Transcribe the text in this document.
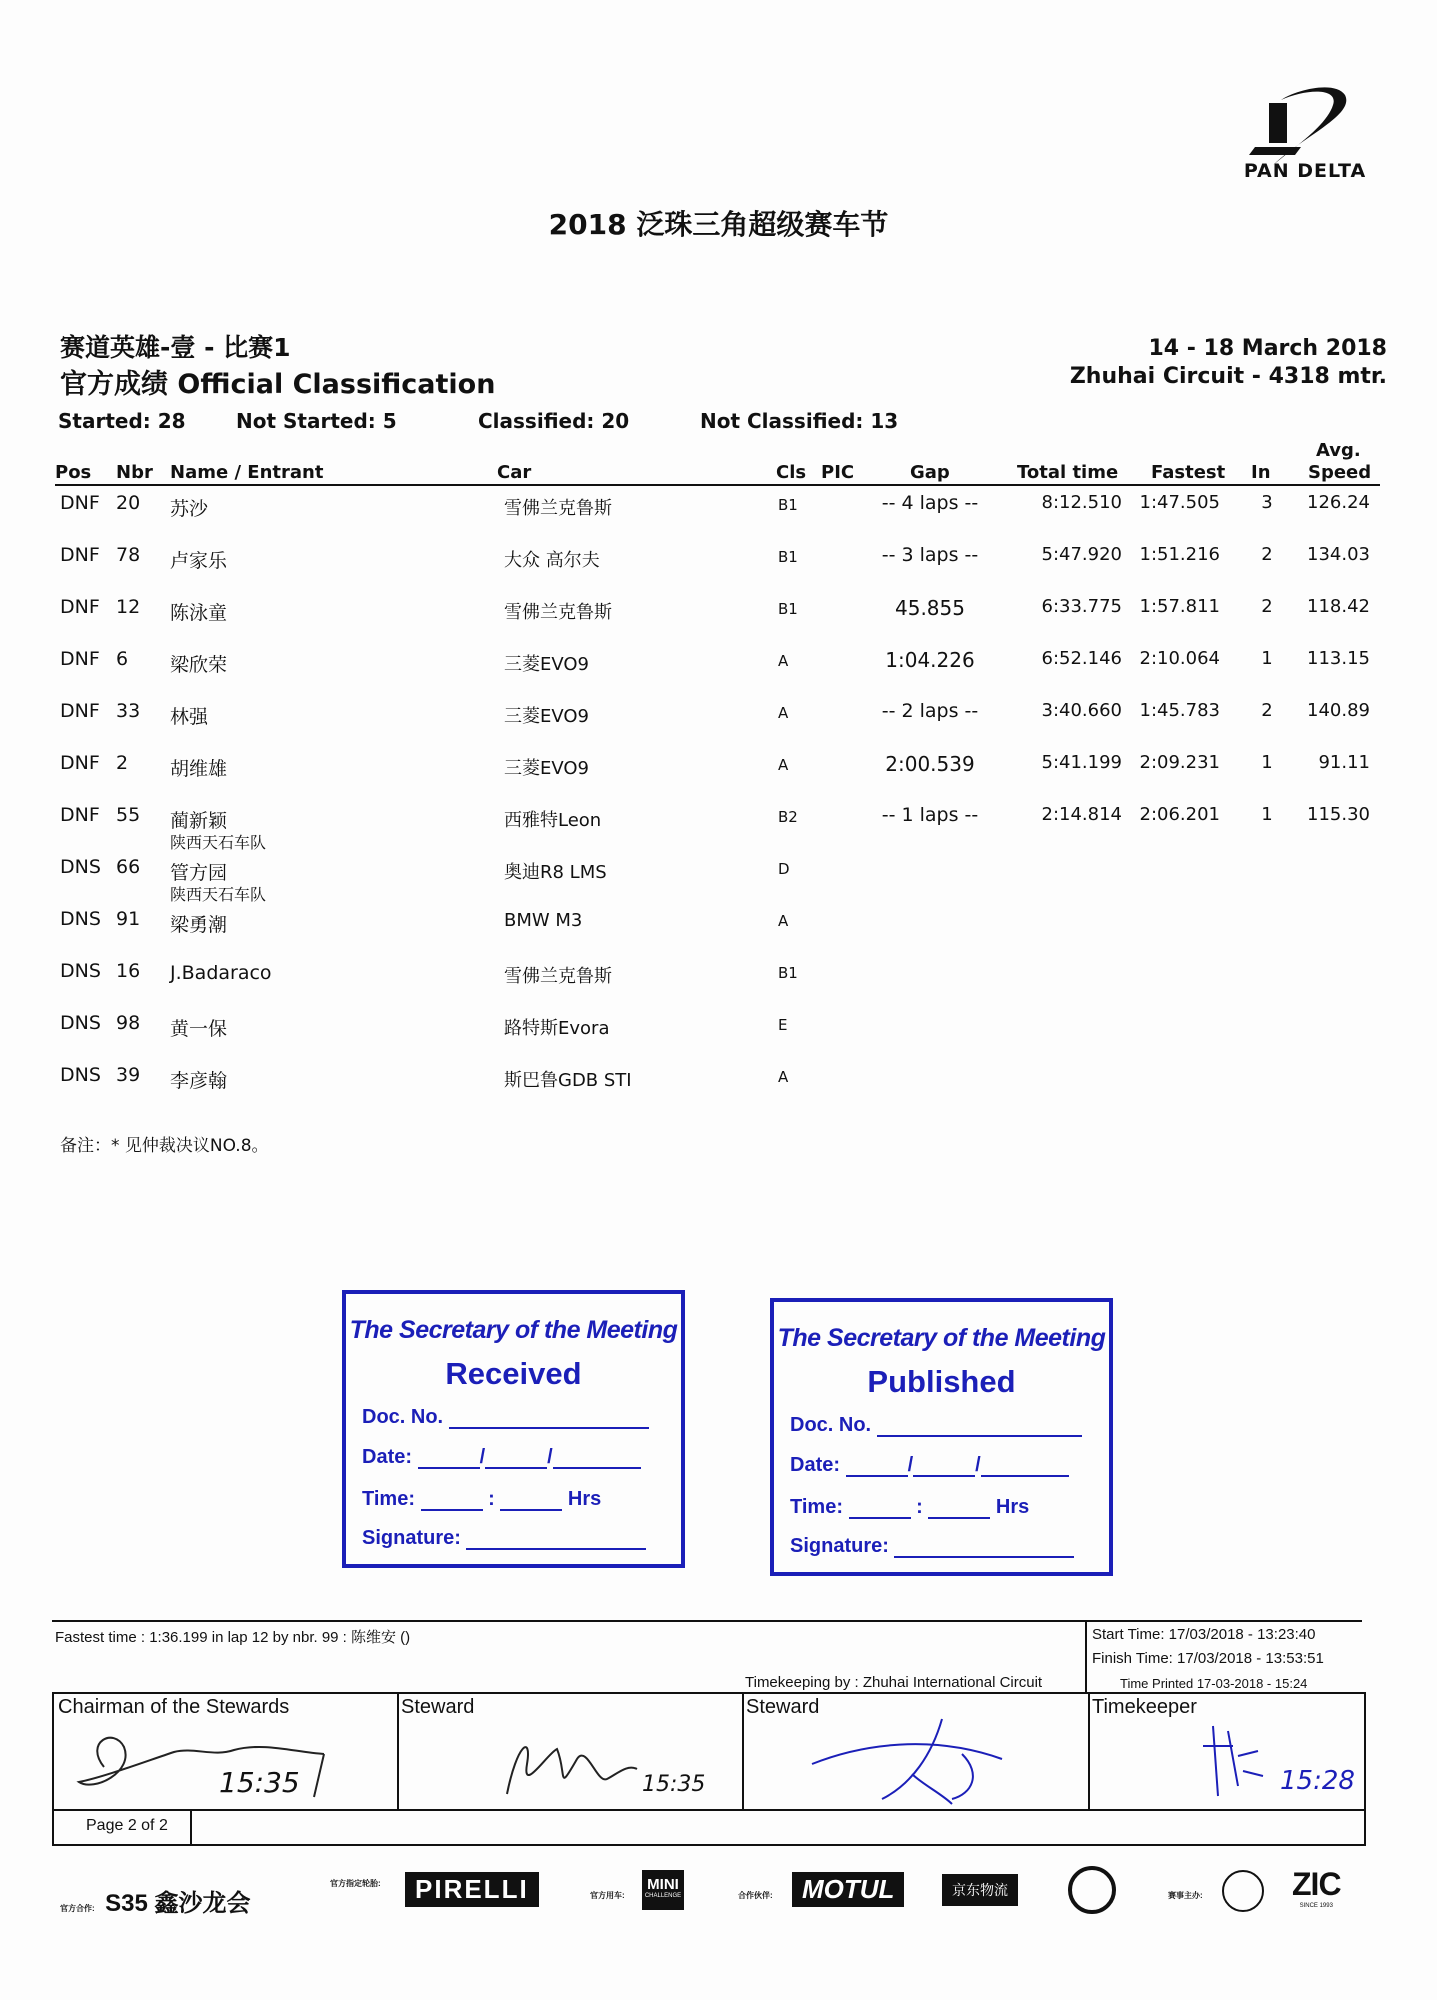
PAN DELTA
2018 泛珠三角超级赛车节
赛道英雄-壹 - 比赛1
官方成绩 Official Classification
14 - 18 March 2018
Zhuhai Circuit - 4318 mtr.
Started: 28	Not Started: 5	Classified: 20	Not Classified: 13
Pos Nbr Name / Entrant	Car	Cls PIC	Gap	Total time Fastest In
Avg.
Speed
DNF 20 苏沙	雪佛兰克鲁斯	B1	-- 4 laps --	8:12.510 1:47.505	3	126.24
DNF 78 卢家乐	大众 高尔夫	B1	-- 3 laps --	5:47.920 1:51.216	2	134.03
DNF 12 陈泳童	雪佛兰克鲁斯	B1	45.855	6:33.775 1:57.811	2	118.42
DNF 6 梁欣荣	三菱EVO9	A	1:04.226	6:52.146 2:10.064	1	113.15
DNF 33 林强	三菱EVO9	A	-- 2 laps --	3:40.660 1:45.783	2	140.89
DNF 2 胡维雄	三菱EVO9	A	2:00.539	5:41.199 2:09.231	1	91.11
DNF 55 蔺新颖
陕西天石车队
西雅特Leon	B2	-- 1 laps --	2:14.814 2:06.201	1	115.30
DNS 66 管方园
陕西天石车队
奥迪R8 LMS	D
DNS 91 梁勇潮	BMW M3	A
DNS 16 J.Badaraco	雪佛兰克鲁斯	B1
DNS 98 黄一保	路特斯Evora	E
DNS 39 李彦翰	斯巴鲁GDB STI	A
备注：* 见仲裁决议NO.8。
The Secretary of the Meeting
Received
Doc. No.
Date:	/	/
Time:	:	Hrs
Signature:
The Secretary of the Meeting
Published
Doc. No.
Date:	/	/
Time:	:	Hrs
Signature:
Fastest time : 1:36.199 in lap 12 by nbr. 99 : 陈维安 ()	Start Time: 17/03/2018 - 13:23:40
Finish Time: 17/03/2018 - 13:53:51
Timekeeping by : Zhuhai International Circuit	Time Printed 17-03-2018 - 15:24
Chairman of the Stewards
15:35
Steward
15:35
Steward	Timekeeper
15:28
Page 2 of 2
官方合作: S35 鑫沙龙会
官方指定轮胎:	PIRELLI	官方用车:
MINI
CHALLENGE	合作伙伴:	MOTUL	京东物流	赛事主办:	ZIC
SINCE 1993
